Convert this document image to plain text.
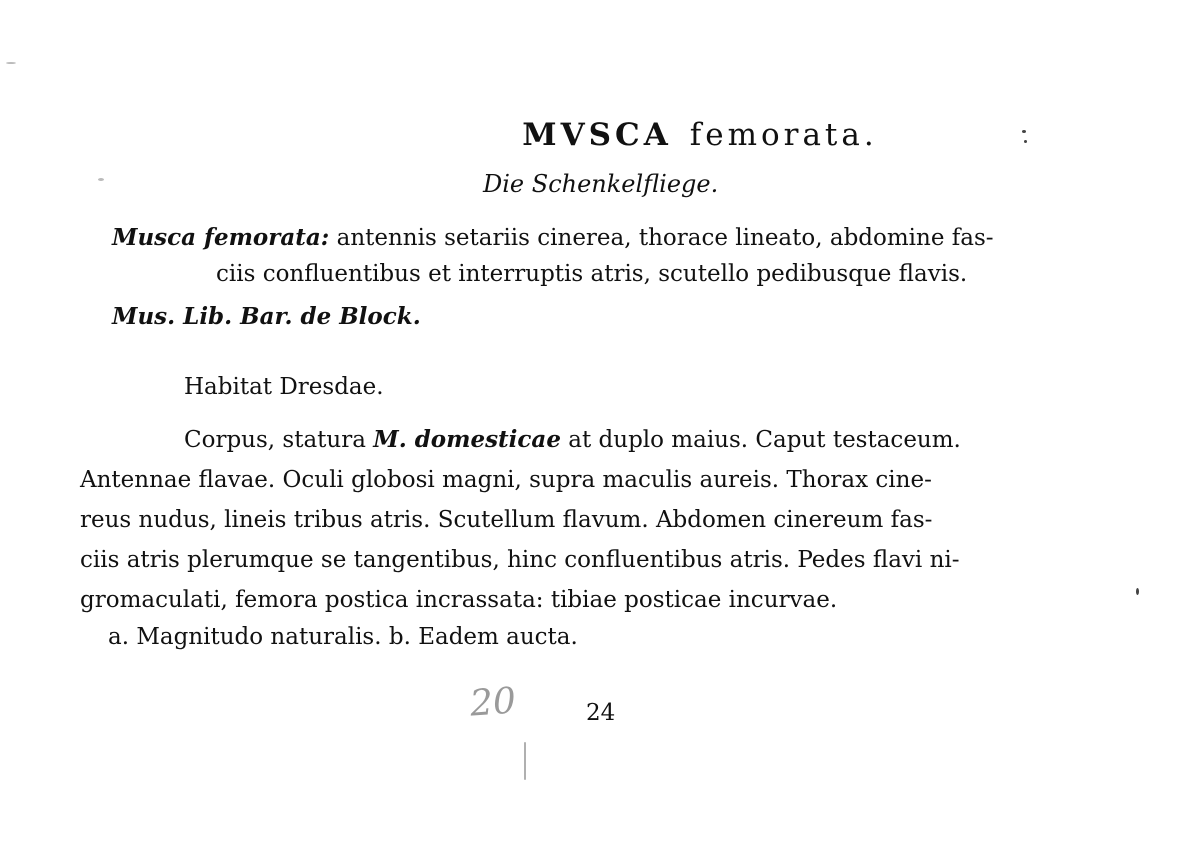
MVSCA femorata.
Die Schenkelfliege.
Musca femorata: antennis setariis cinerea, thorace lineato, abdomine fas-
ciis confluentibus et interruptis atris, scutello pedibusque flavis.
Mus. Lib. Bar. de Block.
Habitat Dresdae.
Corpus, statura M. domesticae at duplo maius. Caput testaceum.
Antennae flavae. Oculi globosi magni, supra maculis aureis. Thorax cine-
reus nudus, lineis tribus atris. Scutellum flavum. Abdomen cinereum fas-
ciis atris plerumque se tangentibus, hinc confluentibus atris. Pedes flavi ni-
gromaculati, femora postica incrassata: tibiae posticae incurvae.
a. Magnitudo naturalis. b. Eadem aucta.
20	24
